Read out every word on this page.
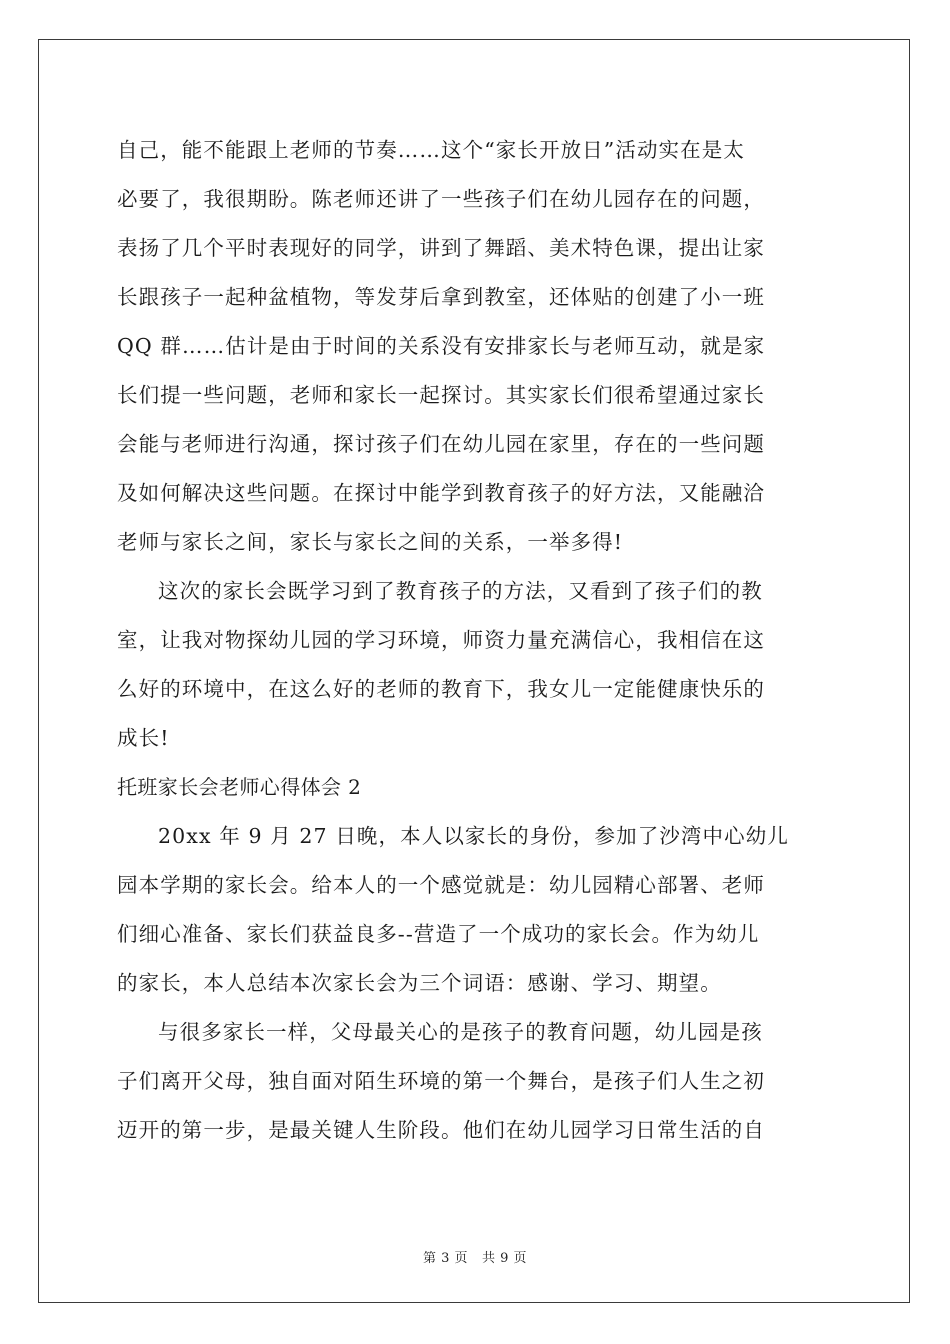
自己，能不能跟上老师的节奏……这个“家长开放日”活动实在是太
必要了，我很期盼。陈老师还讲了一些孩子们在幼儿园存在的问题，
表扬了几个平时表现好的同学，讲到了舞蹈、美术特色课，提出让家
长跟孩子一起种盆植物，等发芽后拿到教室，还体贴的创建了小一班
QQ 群……估计是由于时间的关系没有安排家长与老师互动，就是家
长们提一些问题，老师和家长一起探讨。其实家长们很希望通过家长
会能与老师进行沟通，探讨孩子们在幼儿园在家里，存在的一些问题
及如何解决这些问题。在探讨中能学到教育孩子的好方法，又能融洽
老师与家长之间，家长与家长之间的关系，一举多得!
这次的家长会既学习到了教育孩子的方法，又看到了孩子们的教
室，让我对物探幼儿园的学习环境，师资力量充满信心，我相信在这
么好的环境中，在这么好的老师的教育下，我女儿一定能健康快乐的
成长!
托班家长会老师心得体会 2
20xx 年 9 月 27 日晚，本人以家长的身份，参加了沙湾中心幼儿
园本学期的家长会。给本人的一个感觉就是：幼儿园精心部署、老师
们细心准备、家长们获益良多--营造了一个成功的家长会。作为幼儿
的家长，本人总结本次家长会为三个词语：感谢、学习、期望。
与很多家长一样，父母最关心的是孩子的教育问题，幼儿园是孩
子们离开父母，独自面对陌生环境的第一个舞台，是孩子们人生之初
迈开的第一步，是最关键人生阶段。他们在幼儿园学习日常生活的自
第 3 页 共 9 页
